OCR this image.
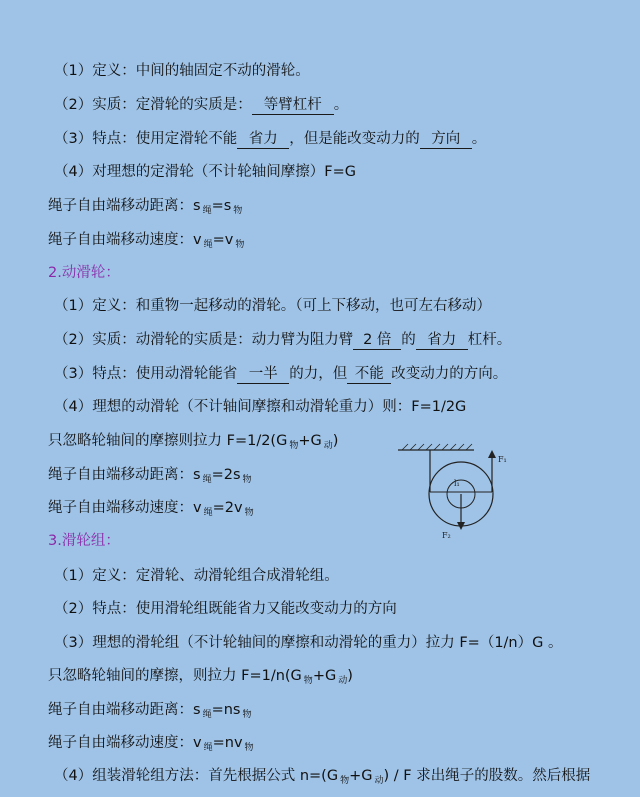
（1）定义：中间的轴固定不动的滑轮。
（2）实质：定滑轮的实质是： 等臂杠杆 。
（3）特点：使用定滑轮不能 省力 ，但是能改变动力的 方向 。
（4）对理想的定滑轮（不计轮轴间摩擦）F=G
绳子自由端移动距离：s $_绳$=s $_物$
绳子自由端移动速度：v $_绳$=v $_物$
2.动滑轮：
（1）定义：和重物一起移动的滑轮。（可上下移动，也可左右移动）
（2）实质：动滑轮的实质是：动力臂为阻力臂 2 倍 的 省力 杠杆。
（3）特点：使用动滑轮能省 一半 的力，但 不能 改变动力的方向。
（4）理想的动滑轮（不计轴间摩擦和动滑轮重力）则：F=1/2G
只忽略轮轴间的摩擦则拉力 F=1/2(G $_物$+G $_动$)
绳子自由端移动距离：s $_绳$=2s $_物$
绳子自由端移动速度：v $_绳$=2v $_物$
F₁
l₁
F₂
3.滑轮组：
（1）定义：定滑轮、动滑轮组合成滑轮组。
（2）特点：使用滑轮组既能省力又能改变动力的方向
（3）理想的滑轮组（不计轮轴间的摩擦和动滑轮的重力）拉力 F=（1/n）G 。
只忽略轮轴间的摩擦，则拉力 F=1/n(G $_物$+G $_动$)
绳子自由端移动距离：s $_绳$=ns $_物$
绳子自由端移动速度：v $_绳$=nv $_物$
（4）组装滑轮组方法：首先根据公式 n=(G $_物$+G $_动$) / F 求出绳子的股数。然后根据
